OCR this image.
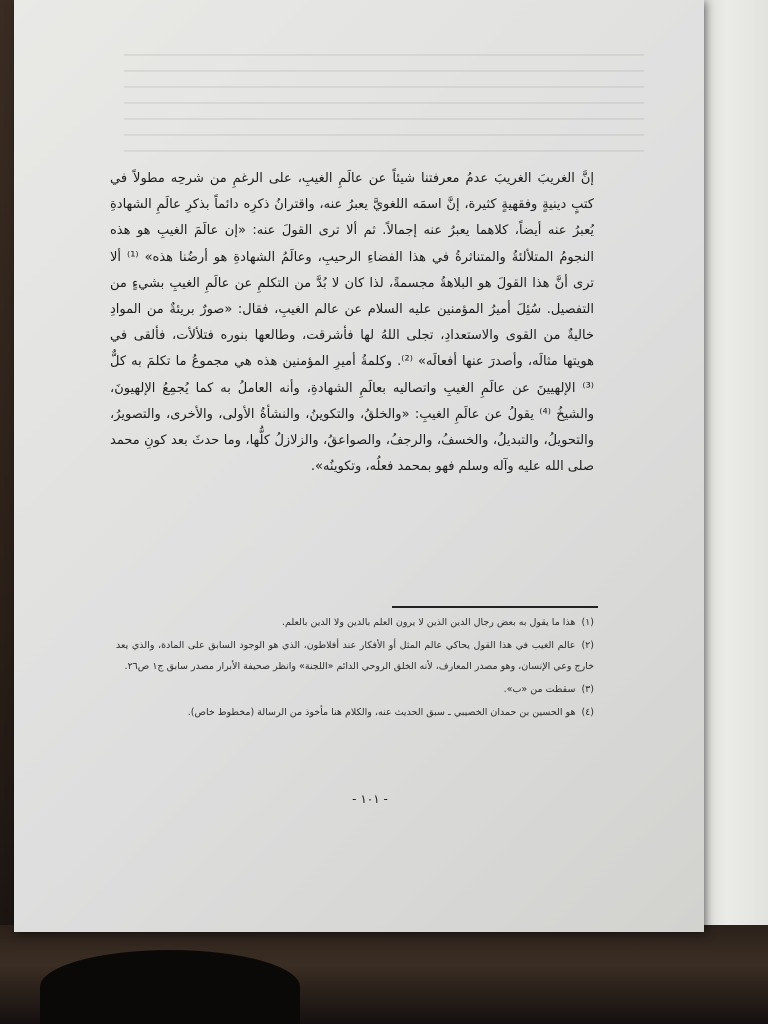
إنَّ الغريبَ الغريبَ عدمُ معرفتنا شيئاً عن عالَمِ الغيبِ، على الرغمِ من شرحِه مطولاً في كتبٍ دينيةٍ وفقهيةٍ كثيرة، إنَّ اسمَه اللغويَّ يعبرُ عنه، واقترانُ ذكرِه دائماً بذكرِ عالَمِ الشهادةِ يُعبرُ عنه أيضاً، كلاهما يعبرُ عنه إجمالاً. ثم ألا ترى القولَ عنه: «إن عالَمَ الغيبِ هو هذه النجومُ المتلألئةُ والمتناثرةُ في هذا الفضاءِ الرحيبِ، وعالَمُ الشهادةِ هو أرضُنا هذه» ⁽¹⁾ ألا ترى أنَّ هذا القولَ هو البلاهةُ مجسمةً، لذا كان لا بُدَّ من التكلمِ عن عالَمِ الغيبِ بشيءٍ من التفصيل. سُئِلَ أميرُ المؤمنين عليه السلام عن عالم الغيبِ، فقال: «صورٌ بريئةٌ من الموادِ خاليةٌ من القوى والاستعدادِ، تجلى اللهُ لها فأشرقت، وطالعها بنوره فتلألأت، فألقى في هويتها مثالَه، وأصدرَ عنها أفعالَه» ⁽²⁾. وكلمةُ أميرِ المؤمنين هذه هي مجموعُ ما تكلمَ به كلٌّ ⁽³⁾ الإلهيينَ عن عالَمِ الغيبِ واتصاليه بعالَمِ الشهادةِ، وأنه العاملُ به كما يُجمِعُ الإلهيونَ، والشيخُ ⁽⁴⁾ يقولُ عن عالَمِ الغيبِ: «والخلقُ، والتكوينُ، والنشأةُ الأولى، والأخرى، والتصويرُ، والتحويلُ، والتبديلُ، والخسفُ، والرجفُ، والصواعقُ، والزلازلُ كلُّها، وما حدثَ بعد كونِ محمد صلى الله عليه وآله وسلم فهو بمحمد فعلُه، وتكوينُه».

(١)هذا ما يقول به بعض رجال الدين الذين لا يرون العلم بالدين ولا الدين بالعلم.

(٢)عالم الغيب في هذا القول يحاكي عالم المثل أو الأفكار عند أفلاطون، الذي هو الوجود السابق على المادة، والذي يعد خارج وعي الإنسان، وهو مصدر المعارف، لأنه الخلق الروحي الدائم «اللجنة» وانظر صحيفة الأبرار مصدر سابق ج١ ص٢٦.

(٣)سقطت من «ب».

(٤)هو الحسين بن حمدان الخصيبي ـ سبق الحديث عنه، والكلام هنا مأخوذ من الرسالة (مخطوط خاص).

- ١٠١ -
